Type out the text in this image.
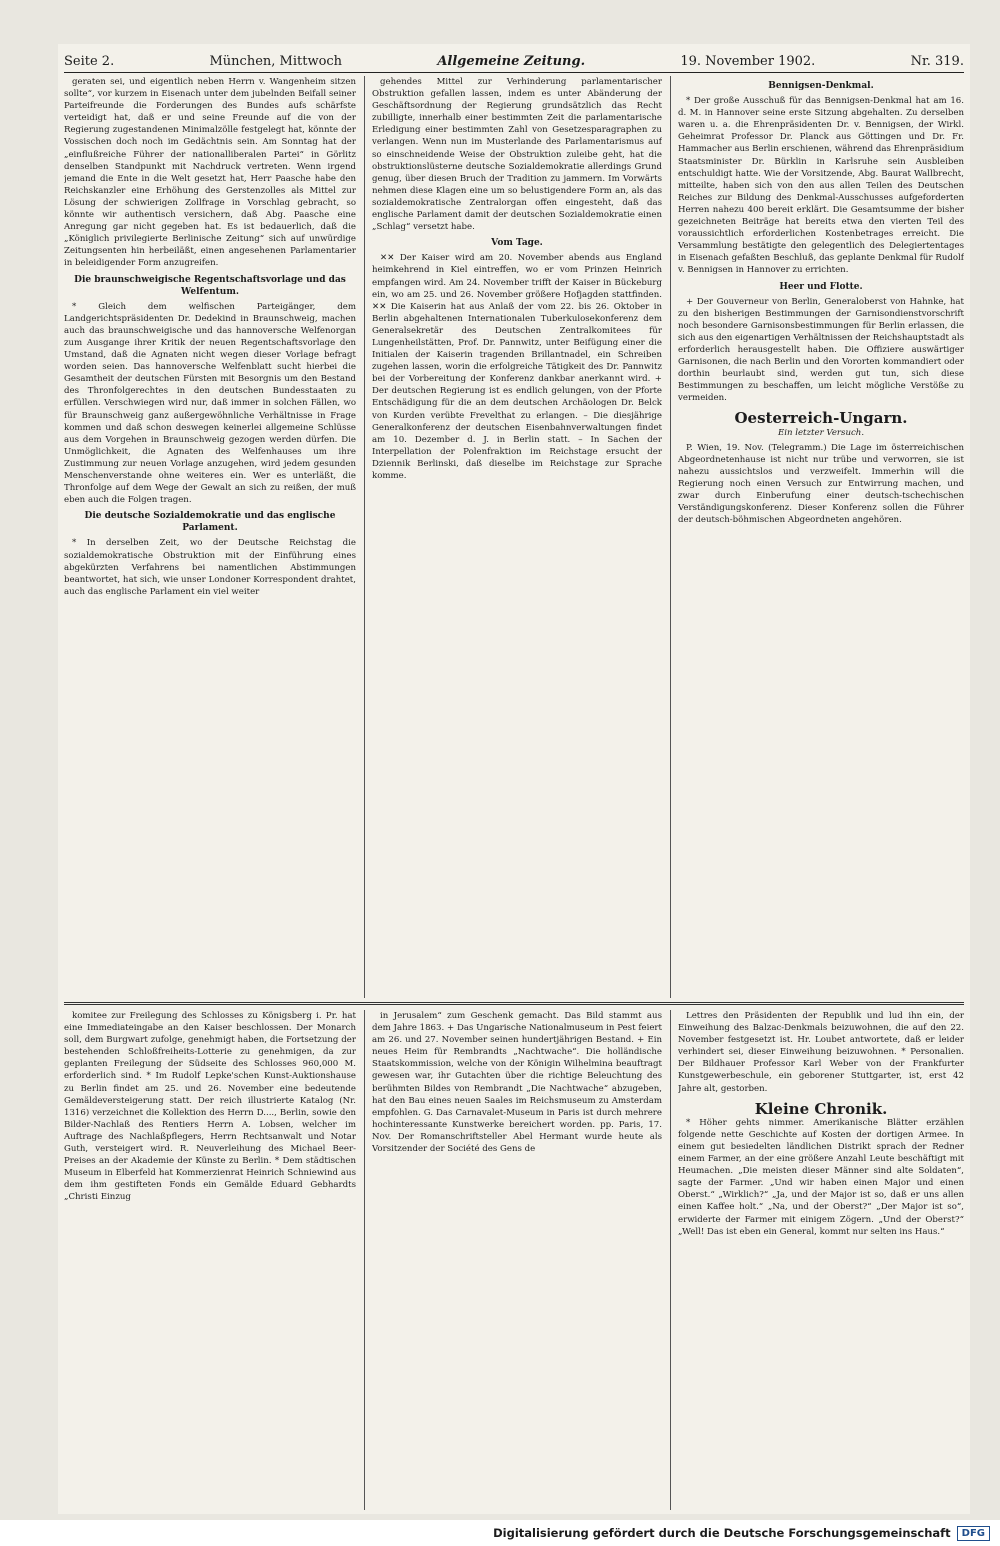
Seite 2.	München, Mittwoch	Allgemeine Zeitung.	19. November 1902.	Nr. 319.

geraten sei, und eigentlich neben Herrn v. Wangenheim sitzen sollte“, vor kurzem in Eisenach unter dem jubelnden Beifall seiner Parteifreunde die Forderungen des Bundes aufs schärfste verteidigt hat, daß er und seine Freunde auf die von der Regierung zugestandenen Minimalzölle festgelegt hat, könnte der Vossischen doch noch im Gedächtnis sein. Am Sonntag hat der „einflußreiche Führer der nationalliberalen Partei“ in Görlitz denselben Standpunkt mit Nachdruck vertreten. Wenn irgend jemand die Ente in die Welt gesetzt hat, Herr Paasche habe den Reichskanzler eine Erhöhung des Gerstenzolles als Mittel zur Lösung der schwierigen Zollfrage in Vorschlag gebracht, so könnte wir authentisch versichern, daß Abg. Paasche eine Anregung gar nicht gegeben hat. Es ist bedauerlich, daß die „Königlich privilegierte Berlinische Zeitung“ sich auf unwürdige Zeitungsenten hin herbeiläßt, einen angesehenen Parlamentarier in beleidigender Form anzugreifen.

Die braunschweigische Regentschaftsvorlage und das Welfentum.

* Gleich dem welfischen Parteigänger, dem Landgerichtspräsidenten Dr. Dedekind in Braunschweig, machen auch das braunschweigische und das hannoversche Welfenorgan zum Ausgange ihrer Kritik der neuen Regentschaftsvorlage den Umstand, daß die Agnaten nicht wegen dieser Vorlage befragt worden seien. Das hannoversche Welfenblatt sucht hierbei die Gesamtheit der deutschen Fürsten mit Besorgnis um den Bestand des Thronfolgerechtes in den deutschen Bundesstaaten zu erfüllen. Verschwiegen wird nur, daß immer in solchen Fällen, wo für Braunschweig ganz außergewöhnliche Verhältnisse in Frage kommen und daß schon deswegen keinerlei allgemeine Schlüsse aus dem Vorgehen in Braunschweig gezogen werden dürfen. Die Unmöglichkeit, die Agnaten des Welfenhauses um ihre Zustimmung zur neuen Vorlage anzugehen, wird jedem gesunden Menschenverstande ohne weiteres ein. Wer es unterläßt, die Thronfolge auf dem Wege der Gewalt an sich zu reißen, der muß eben auch die Folgen tragen.

Die deutsche Sozialdemokratie und das englische Parlament.

* In derselben Zeit, wo der Deutsche Reichstag die sozialdemokratische Obstruktion mit der Einführung eines abgekürzten Verfahrens bei namentlichen Abstimmungen beantwortet, hat sich, wie unser Londoner Korrespondent drahtet, auch das englische Parlament ein viel weiter

gehendes Mittel zur Verhinderung parlamentarischer Obstruktion gefallen lassen, indem es unter Abänderung der Geschäftsordnung der Regierung grundsätzlich das Recht zubilligte, innerhalb einer bestimmten Zeit die parlamentarische Erledigung einer bestimmten Zahl von Gesetzesparagraphen zu verlangen. Wenn nun im Musterlande des Parlamentarismus auf so einschneidende Weise der Obstruktion zuleibe geht, hat die obstruktionslüsterne deutsche Sozialdemokratie allerdings Grund genug, über diesen Bruch der Tradition zu jammern. Im Vorwärts nehmen diese Klagen eine um so belustigendere Form an, als das sozialdemokratische Zentralorgan offen eingesteht, daß das englische Parlament damit der deutschen Sozialdemokratie einen „Schlag“ versetzt habe.

Vom Tage.

✕✕ Der Kaiser wird am 20. November abends aus England heimkehrend in Kiel eintreffen, wo er vom Prinzen Heinrich empfangen wird. Am 24. November trifft der Kaiser in Bückeburg ein, wo am 25. und 26. November größere Hofjagden stattfinden. ✕✕ Die Kaiserin hat aus Anlaß der vom 22. bis 26. Oktober in Berlin abgehaltenen Internationalen Tuberkulosekonferenz dem Generalsekretär des Deutschen Zentralkomitees für Lungenheilstätten, Prof. Dr. Pannwitz, unter Beifügung einer die Initialen der Kaiserin tragenden Brillantnadel, ein Schreiben zugehen lassen, worin die erfolgreiche Tätigkeit des Dr. Pannwitz bei der Vorbereitung der Konferenz dankbar anerkannt wird. + Der deutschen Regierung ist es endlich gelungen, von der Pforte Entschädigung für die an dem deutschen Archäologen Dr. Belck von Kurden verübte Frevelthat zu erlangen. – Die diesjährige Generalkonferenz der deutschen Eisenbahnverwaltungen findet am 10. Dezember d. J. in Berlin statt. – In Sachen der Interpellation der Polenfraktion im Reichstage ersucht der Dziennik Berlinski, daß dieselbe im Reichstage zur Sprache komme.

Bennigsen-Denkmal.

* Der große Ausschuß für das Bennigsen-Denkmal hat am 16. d. M. in Hannover seine erste Sitzung abgehalten. Zu derselben waren u. a. die Ehrenpräsidenten Dr. v. Bennigsen, der Wirkl. Geheimrat Professor Dr. Planck aus Göttingen und Dr. Fr. Hammacher aus Berlin erschienen, während das Ehrenpräsidium Staatsminister Dr. Bürklin in Karlsruhe sein Ausbleiben entschuldigt hatte. Wie der Vorsitzende, Abg. Baurat Wallbrecht, mitteilte, haben sich von den aus allen Teilen des Deutschen Reiches zur Bildung des Denkmal-Ausschusses aufgeforderten Herren nahezu 400 bereit erklärt. Die Gesamtsumme der bisher gezeichneten Beiträge hat bereits etwa den vierten Teil des voraussichtlich erforderlichen Kostenbetrages erreicht. Die Versammlung bestätigte den gelegentlich des Delegiertentages in Eisenach gefaßten Beschluß, das geplante Denkmal für Rudolf v. Bennigsen in Hannover zu errichten.

Heer und Flotte.

+ Der Gouverneur von Berlin, Generaloberst von Hahnke, hat zu den bisherigen Bestimmungen der Garnisondienstvorschrift noch besondere Garnisonsbestimmungen für Berlin erlassen, die sich aus den eigenartigen Verhältnissen der Reichshauptstadt als erforderlich herausgestellt haben. Die Offiziere auswärtiger Garnisonen, die nach Berlin und den Vororten kommandiert oder dorthin beurlaubt sind, werden gut tun, sich diese Bestimmungen zu beschaffen, um leicht mögliche Verstöße zu vermeiden.

Oesterreich-Ungarn.

Ein letzter Versuch.

P. Wien, 19. Nov. (Telegramm.) Die Lage im österreichischen Abgeordnetenhause ist nicht nur trübe und verworren, sie ist nahezu aussichtslos und verzweifelt. Immerhin will die Regierung noch einen Versuch zur Entwirrung machen, und zwar durch Einberufung einer deutsch-tschechischen Verständigungskonferenz. Dieser Konferenz sollen die Führer der deutsch-böhmischen Abgeordneten angehören.

komitee zur Freilegung des Schlosses zu Königsberg i. Pr. hat eine Immediateingabe an den Kaiser beschlossen. Der Monarch soll, dem Burgwart zufolge, genehmigt haben, die Fortsetzung der bestehenden Schloßfreiheits-Lotterie zu genehmigen, da zur geplanten Freilegung der Südseite des Schlosses 960,000 M. erforderlich sind. * Im Rudolf Lepke'schen Kunst-Auktionshause zu Berlin findet am 25. und 26. November eine bedeutende Gemäldeversteigerung statt. Der reich illustrierte Katalog (Nr. 1316) verzeichnet die Kollektion des Herrn D...., Berlin, sowie den Bilder-Nachlaß des Rentiers Herrn A. Lobsen, welcher im Auftrage des Nachlaßpflegers, Herrn Rechtsanwalt und Notar Guth, versteigert wird. R. Neuverleihung des Michael Beer-Preises an der Akademie der Künste zu Berlin. * Dem städtischen Museum in Elberfeld hat Kommerzienrat Heinrich Schniewind aus dem ihm gestifteten Fonds ein Gemälde Eduard Gebhardts „Christi Einzug

in Jerusalem“ zum Geschenk gemacht. Das Bild stammt aus dem Jahre 1863. + Das Ungarische Nationalmuseum in Pest feiert am 26. und 27. November seinen hundertjährigen Bestand. + Ein neues Heim für Rembrandts „Nachtwache“. Die holländische Staatskommission, welche von der Königin Wilhelmina beauftragt gewesen war, ihr Gutachten über die richtige Beleuchtung des berühmten Bildes von Rembrandt „Die Nachtwache“ abzugeben, hat den Bau eines neuen Saales im Reichsmuseum zu Amsterdam empfohlen. G. Das Carnavalet-Museum in Paris ist durch mehrere hochinteressante Kunstwerke bereichert worden. pp. Paris, 17. Nov. Der Romanschriftsteller Abel Hermant wurde heute als Vorsitzender der Société des Gens de

Lettres den Präsidenten der Republik und lud ihn ein, der Einweihung des Balzac-Denkmals beizuwohnen, die auf den 22. November festgesetzt ist. Hr. Loubet antwortete, daß er leider verhindert sei, dieser Einweihung beizuwohnen. * Personalien. Der Bildhauer Professor Karl Weber von der Frankfurter Kunstgewerbeschule, ein geborener Stuttgarter, ist, erst 42 Jahre alt, gestorben.

Kleine Chronik.

* Höher gehts nimmer. Amerikanische Blätter erzählen folgende nette Geschichte auf Kosten der dortigen Armee. In einem gut besiedelten ländlichen Distrikt sprach der Redner einem Farmer, an der eine größere Anzahl Leute beschäftigt mit Heumachen. „Die meisten dieser Männer sind alte Soldaten“, sagte der Farmer. „Und wir haben einen Major und einen Oberst.“ „Wirklich?“ „Ja, und der Major ist so, daß er uns allen einen Kaffee holt.“ „Na, und der Oberst?“ „Der Major ist so“, erwiderte der Farmer mit einigem Zögern. „Und der Oberst?“ „Well! Das ist eben ein General, kommt nur selten ins Haus.“

Digitalisierung gefördert durch die Deutsche Forschungsgemeinschaft	DFG
